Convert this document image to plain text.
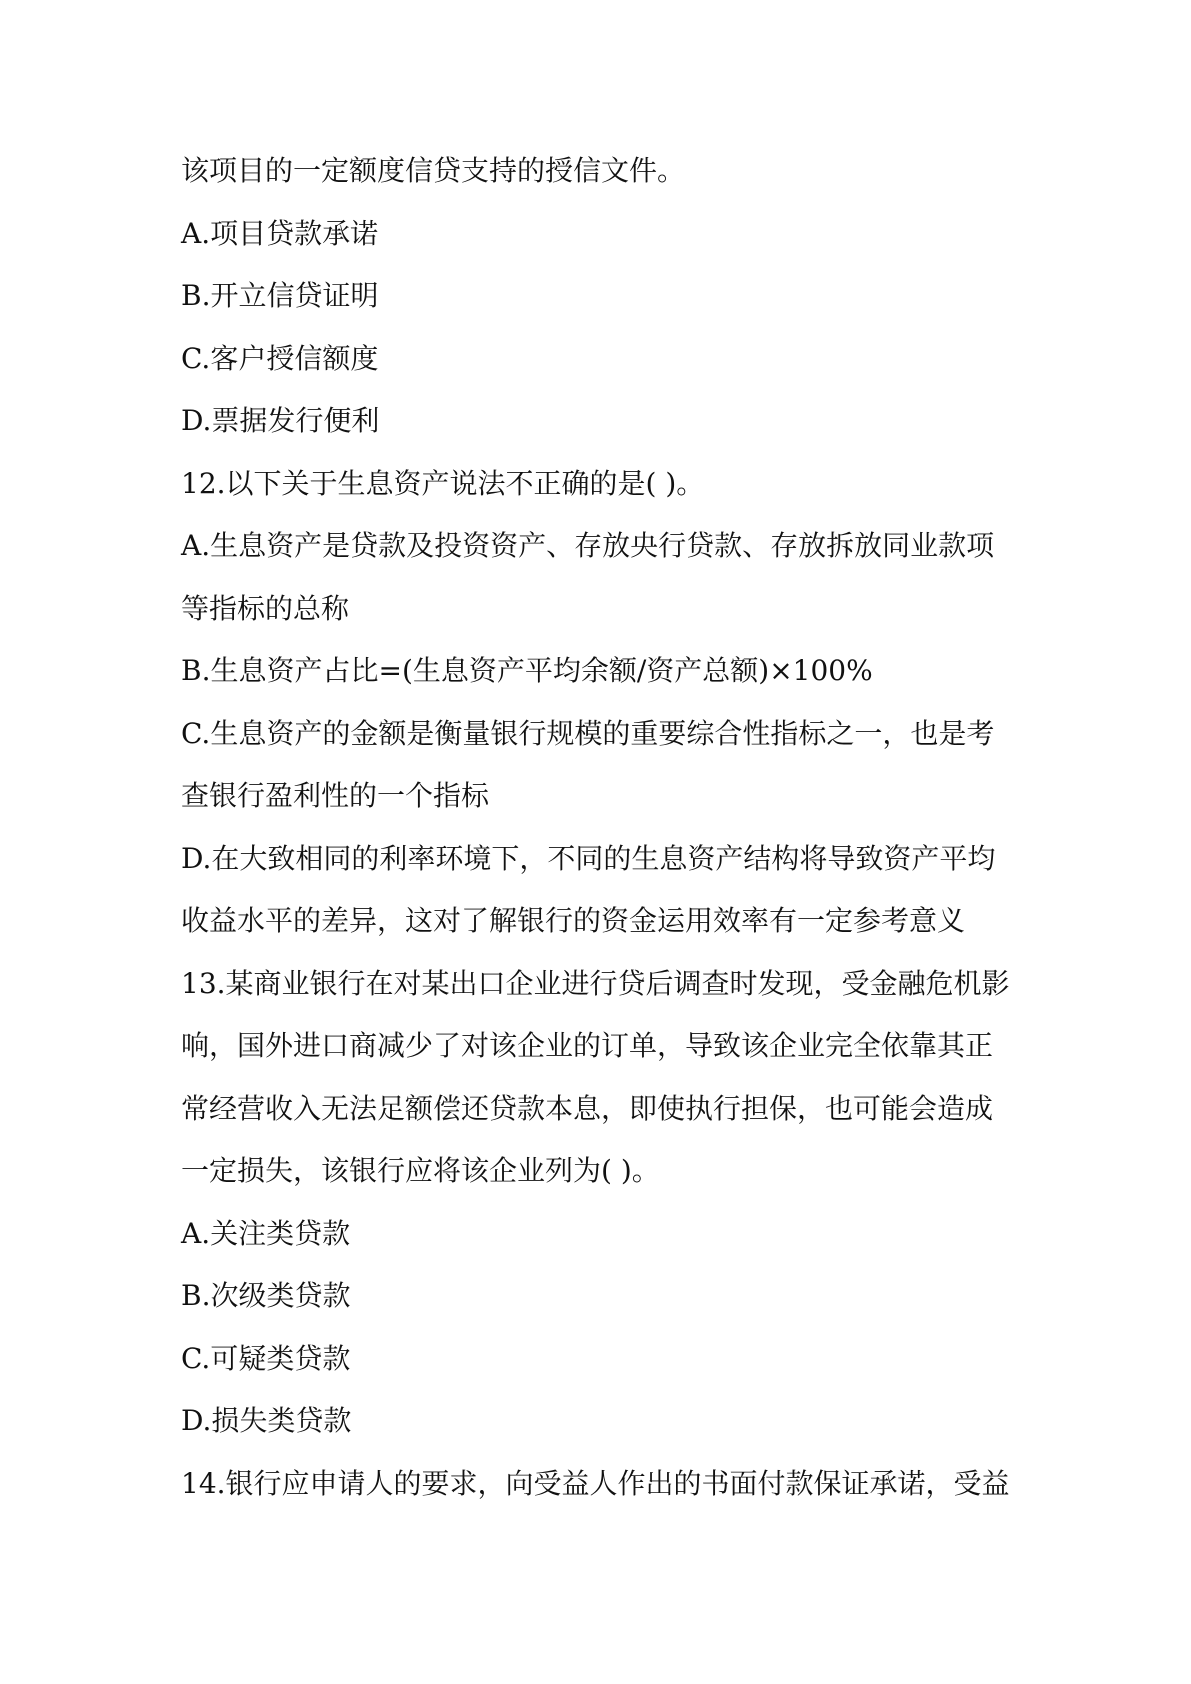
该项目的一定额度信贷支持的授信文件。
A.项目贷款承诺
B.开立信贷证明
C.客户授信额度
D.票据发行便利
12.以下关于生息资产说法不正确的是( )。
A.生息资产是贷款及投资资产、存放央行贷款、存放拆放同业款项
等指标的总称
B.生息资产占比=(生息资产平均余额/资产总额)×100%
C.生息资产的金额是衡量银行规模的重要综合性指标之一，也是考
查银行盈利性的一个指标
D.在大致相同的利率环境下，不同的生息资产结构将导致资产平均
收益水平的差异，这对了解银行的资金运用效率有一定参考意义
13.某商业银行在对某出口企业进行贷后调查时发现，受金融危机影
响，国外进口商减少了对该企业的订单，导致该企业完全依靠其正
常经营收入无法足额偿还贷款本息，即使执行担保，也可能会造成
一定损失，该银行应将该企业列为( )。
A.关注类贷款
B.次级类贷款
C.可疑类贷款
D.损失类贷款
14.银行应申请人的要求，向受益人作出的书面付款保证承诺，受益
